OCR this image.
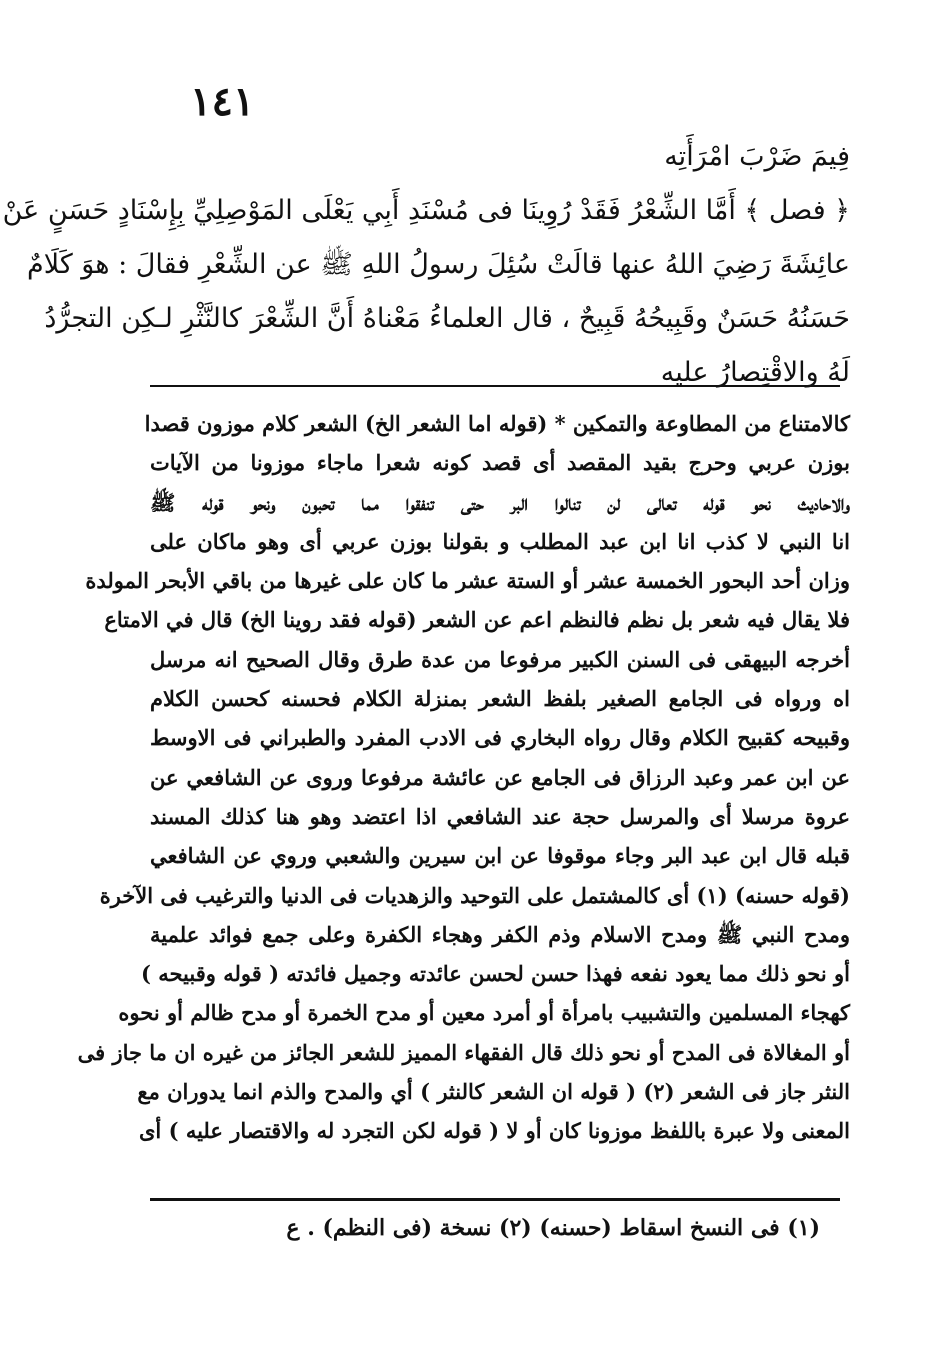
١٤١
فِيمَ ضَرْبَ امْرَأَتِه
﴿ فصل ﴾ أَمَّا الشِّعْرُ فَقَدْ رُوِينَا فى مُسْنَدِ أَبِي يَعْلَى المَوْصِلِيِّ بِإِسْنَادٍ حَسَنٍ عَنْ
عائِشَةَ رَضِيَ اللهُ عنها قالَتْ سُئِلَ رسولُ اللهِ ﷺ عن الشِّعْرِ فقالَ : هوَ كَلَامٌ
حَسَنُهُ حَسَنٌ وقَبِيحُهُ قَبِيحٌ ، قال العلماءُ مَعْناهُ أَنَّ الشِّعْرَ كالنَّثْرِ لـكِن التجرُّدُ
لَهُ والاقْتِصارُ عليه
كالامتناع من المطاوعة والتمكين * (قوله اما الشعر الخ) الشعر كلام موزون قصدا
بوزن عربي وحرج بقيد المقصد أى قصد كونه شعرا ماجاء موزونا من الآيات
والاحاديث نحو قوله تعالى لن تنالوا البر حتى تنفقوا مما تحبون ونحو قوله ﷺ
انا النبي لا كذب انا ابن عبد المطلب و بقولنا بوزن عربي أى وهو ماكان على
وزان أحد البحور الخمسة عشر أو الستة عشر ما كان على غيرها من باقي الأبحر المولدة
فلا يقال فيه شعر بل نظم فالنظم اعم عن الشعر (قوله فقد روينا الخ) قال في الامتاع
أخرجه البيهقى فى السنن الكبير مرفوعا من عدة طرق وقال الصحيح انه مرسل
اه ورواه فى الجامع الصغير بلفظ الشعر بمنزلة الكلام فحسنه كحسن الكلام
وقبيحه كقبيح الكلام وقال رواه البخاري فى الادب المفرد والطبراني فى الاوسط
عن ابن عمر وعبد الرزاق فى الجامع عن عائشة مرفوعا وروى عن الشافعي عن
عروة مرسلا أى والمرسل حجة عند الشافعي اذا اعتضد وهو هنا كذلك المسند
قبله قال ابن عبد البر وجاء موقوفا عن ابن سيرين والشعبي وروي عن الشافعي
(قوله حسنه) (١) أى كالمشتمل على التوحيد والزهديات فى الدنيا والترغيب فى الآخرة
ومدح النبي ﷺ ومدح الاسلام وذم الكفر وهجاء الكفرة وعلى جمع فوائد علمية
أو نحو ذلك مما يعود نفعه فهذا حسن لحسن عائدته وجميل فائدته ( قوله وقبيحه )
كهجاء المسلمين والتشبيب بامرأة أو أمرد معين أو مدح الخمرة أو مدح ظالم أو نحوه
أو المغالاة فى المدح أو نحو ذلك قال الفقهاء المميز للشعر الجائز من غيره ان ما جاز فى
النثر جاز فى الشعر (٢) ( قوله ان الشعر كالنثر ) أي والمدح والذم انما يدوران مع
المعنى ولا عبرة باللفظ موزونا كان أو لا ( قوله لكن التجرد له والاقتصار عليه ) أى
(١) فى النسخ اسقاط (حسنه) (٢) نسخة (فى النظم) . ع
